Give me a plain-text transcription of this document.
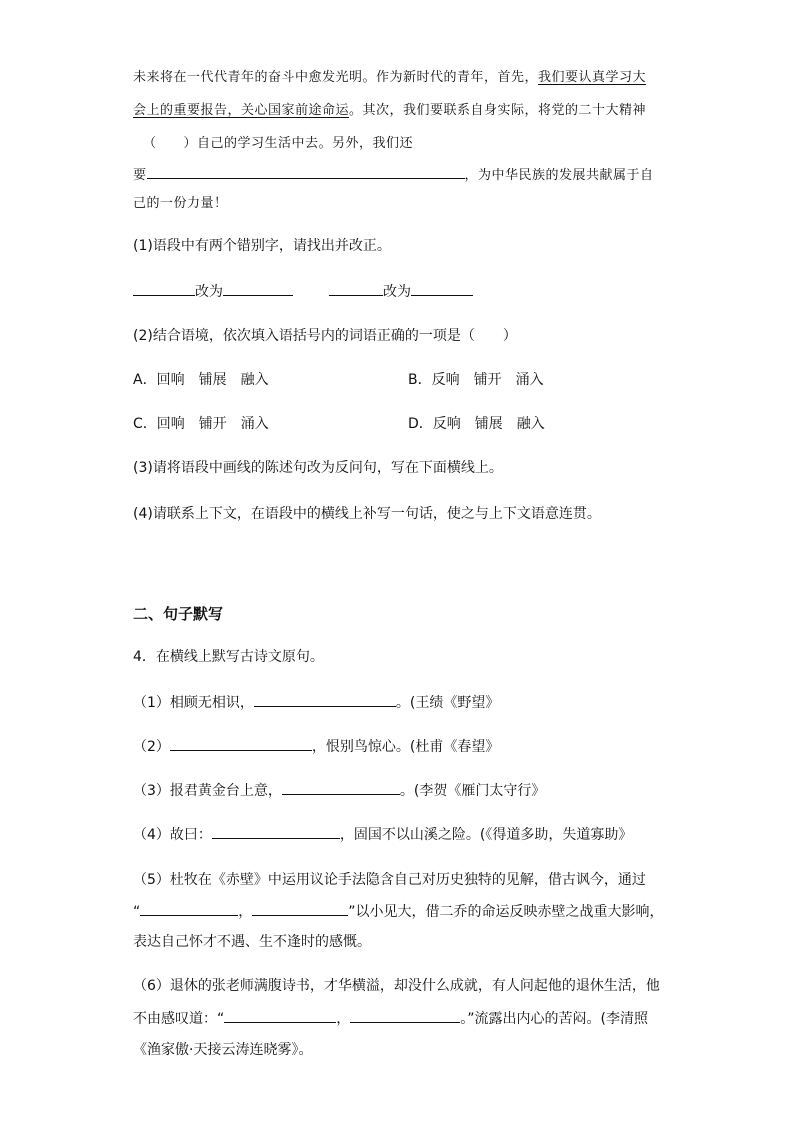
未来将在一代代青年的奋斗中愈发光明。作为新时代的青年，首先，我们要认真学习大
会上的重要报告，关心国家前途命运。其次，我们要联系自身实际，将党的二十大精神
（　　）自己的学习生活中去。另外，我们还
要	，为中华民族的发展共献属于自
己的一份力量！
(1)语段中有两个错别字，请找出并改正。
改为	改为
(2)结合语境，依次填入语括号内的词语正确的一项是（　　）
A．回响　铺展　融入	B．反响　铺开　涌入
C．回响　铺开　涌入	D．反响　铺展　融入
(3)请将语段中画线的陈述句改为反问句，写在下面横线上。
(4)请联系上下文，在语段中的横线上补写一句话，使之与上下文语意连贯。
二、句子默写
4．在横线上默写古诗文原句。
（1）相顾无相识，	。(王绩《野望》
（2）	，恨别鸟惊心。(杜甫《春望》
（3）报君黄金台上意，	。(李贺《雁门太守行》
（4）故曰：	，固国不以山溪之险。(《得道多助，失道寡助》
（5）杜牧在《赤壁》中运用议论手法隐含自己对历史独特的见解，借古讽今，通过
“	，	”以小见大，借二乔的命运反映赤壁之战重大影响，
表达自己怀才不遇、生不逢时的感慨。
（6）退休的张老师满腹诗书，才华横溢，却没什么成就，有人问起他的退休生活，他
不由感叹道：“	，	。”流露出内心的苦闷。(李清照
《渔家傲·天接云涛连晓雾》。
